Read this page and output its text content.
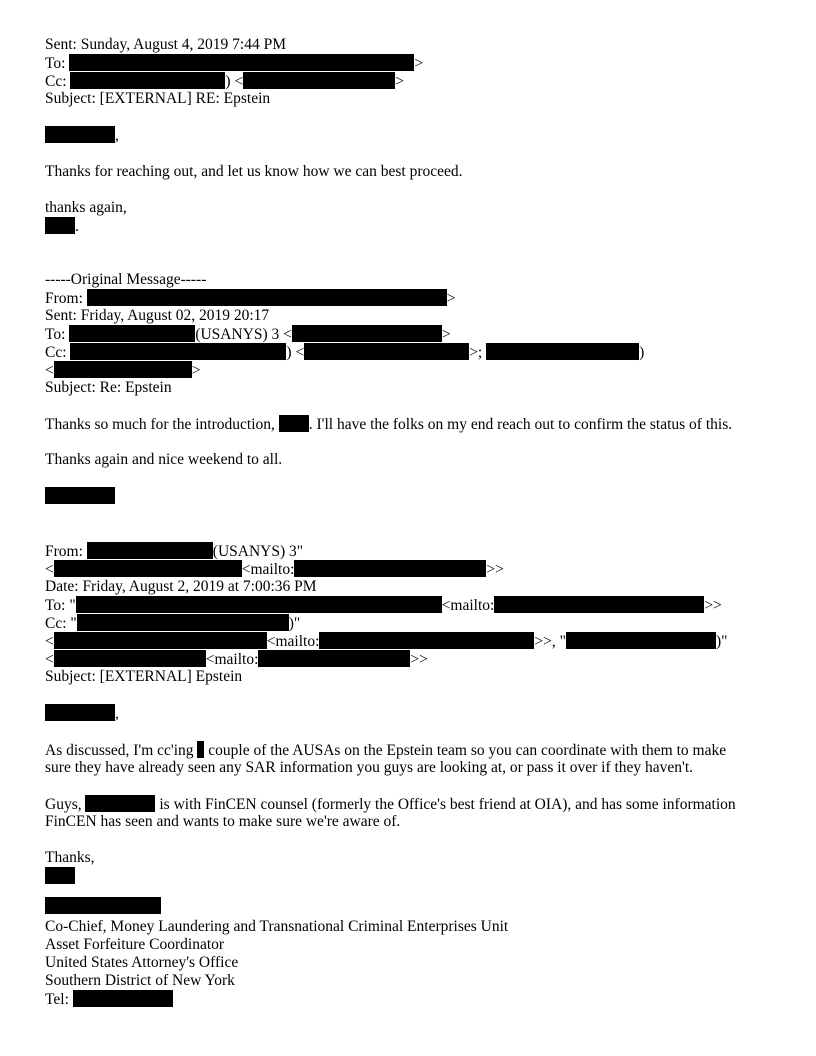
Sent: Sunday, August 4, 2019 7:44 PM
To:	>
Cc:	) <	>
Subject: [EXTERNAL] RE: Epstein
,
Thanks for reaching out, and let us know how we can best proceed.
thanks again,
.
-----Original Message-----
From:	>
Sent: Friday, August 02, 2019 20:17
To:	(USANYS) 3 <	>
Cc:	) <	>;	)
<	>
Subject: Re: Epstein
Thanks so much for the introduction, . I'll have the folks on my end reach out to confirm the status of this.
Thanks again and nice weekend to all.
From:	(USANYS) 3"
<	<mailto:	>>
Date: Friday, August 2, 2019 at 7:00:36 PM
To: "	<mailto:	>>
Cc: "	)"
<	<mailto:	>>, "	)"
<	<mailto:	>>
Subject: [EXTERNAL] Epstein
,
As discussed, I'm cc'ing  couple of the AUSAs on the Epstein team so you can coordinate with them to make
sure they have already seen any SAR information you guys are looking at, or pass it over if they haven't.
Guys,	is with FinCEN counsel (formerly the Office's best friend at OIA), and has some information
FinCEN has seen and wants to make sure we're aware of.
Thanks,
Co-Chief, Money Laundering and Transnational Criminal Enterprises Unit
Asset Forfeiture Coordinator
United States Attorney's Office
Southern District of New York
Tel:
